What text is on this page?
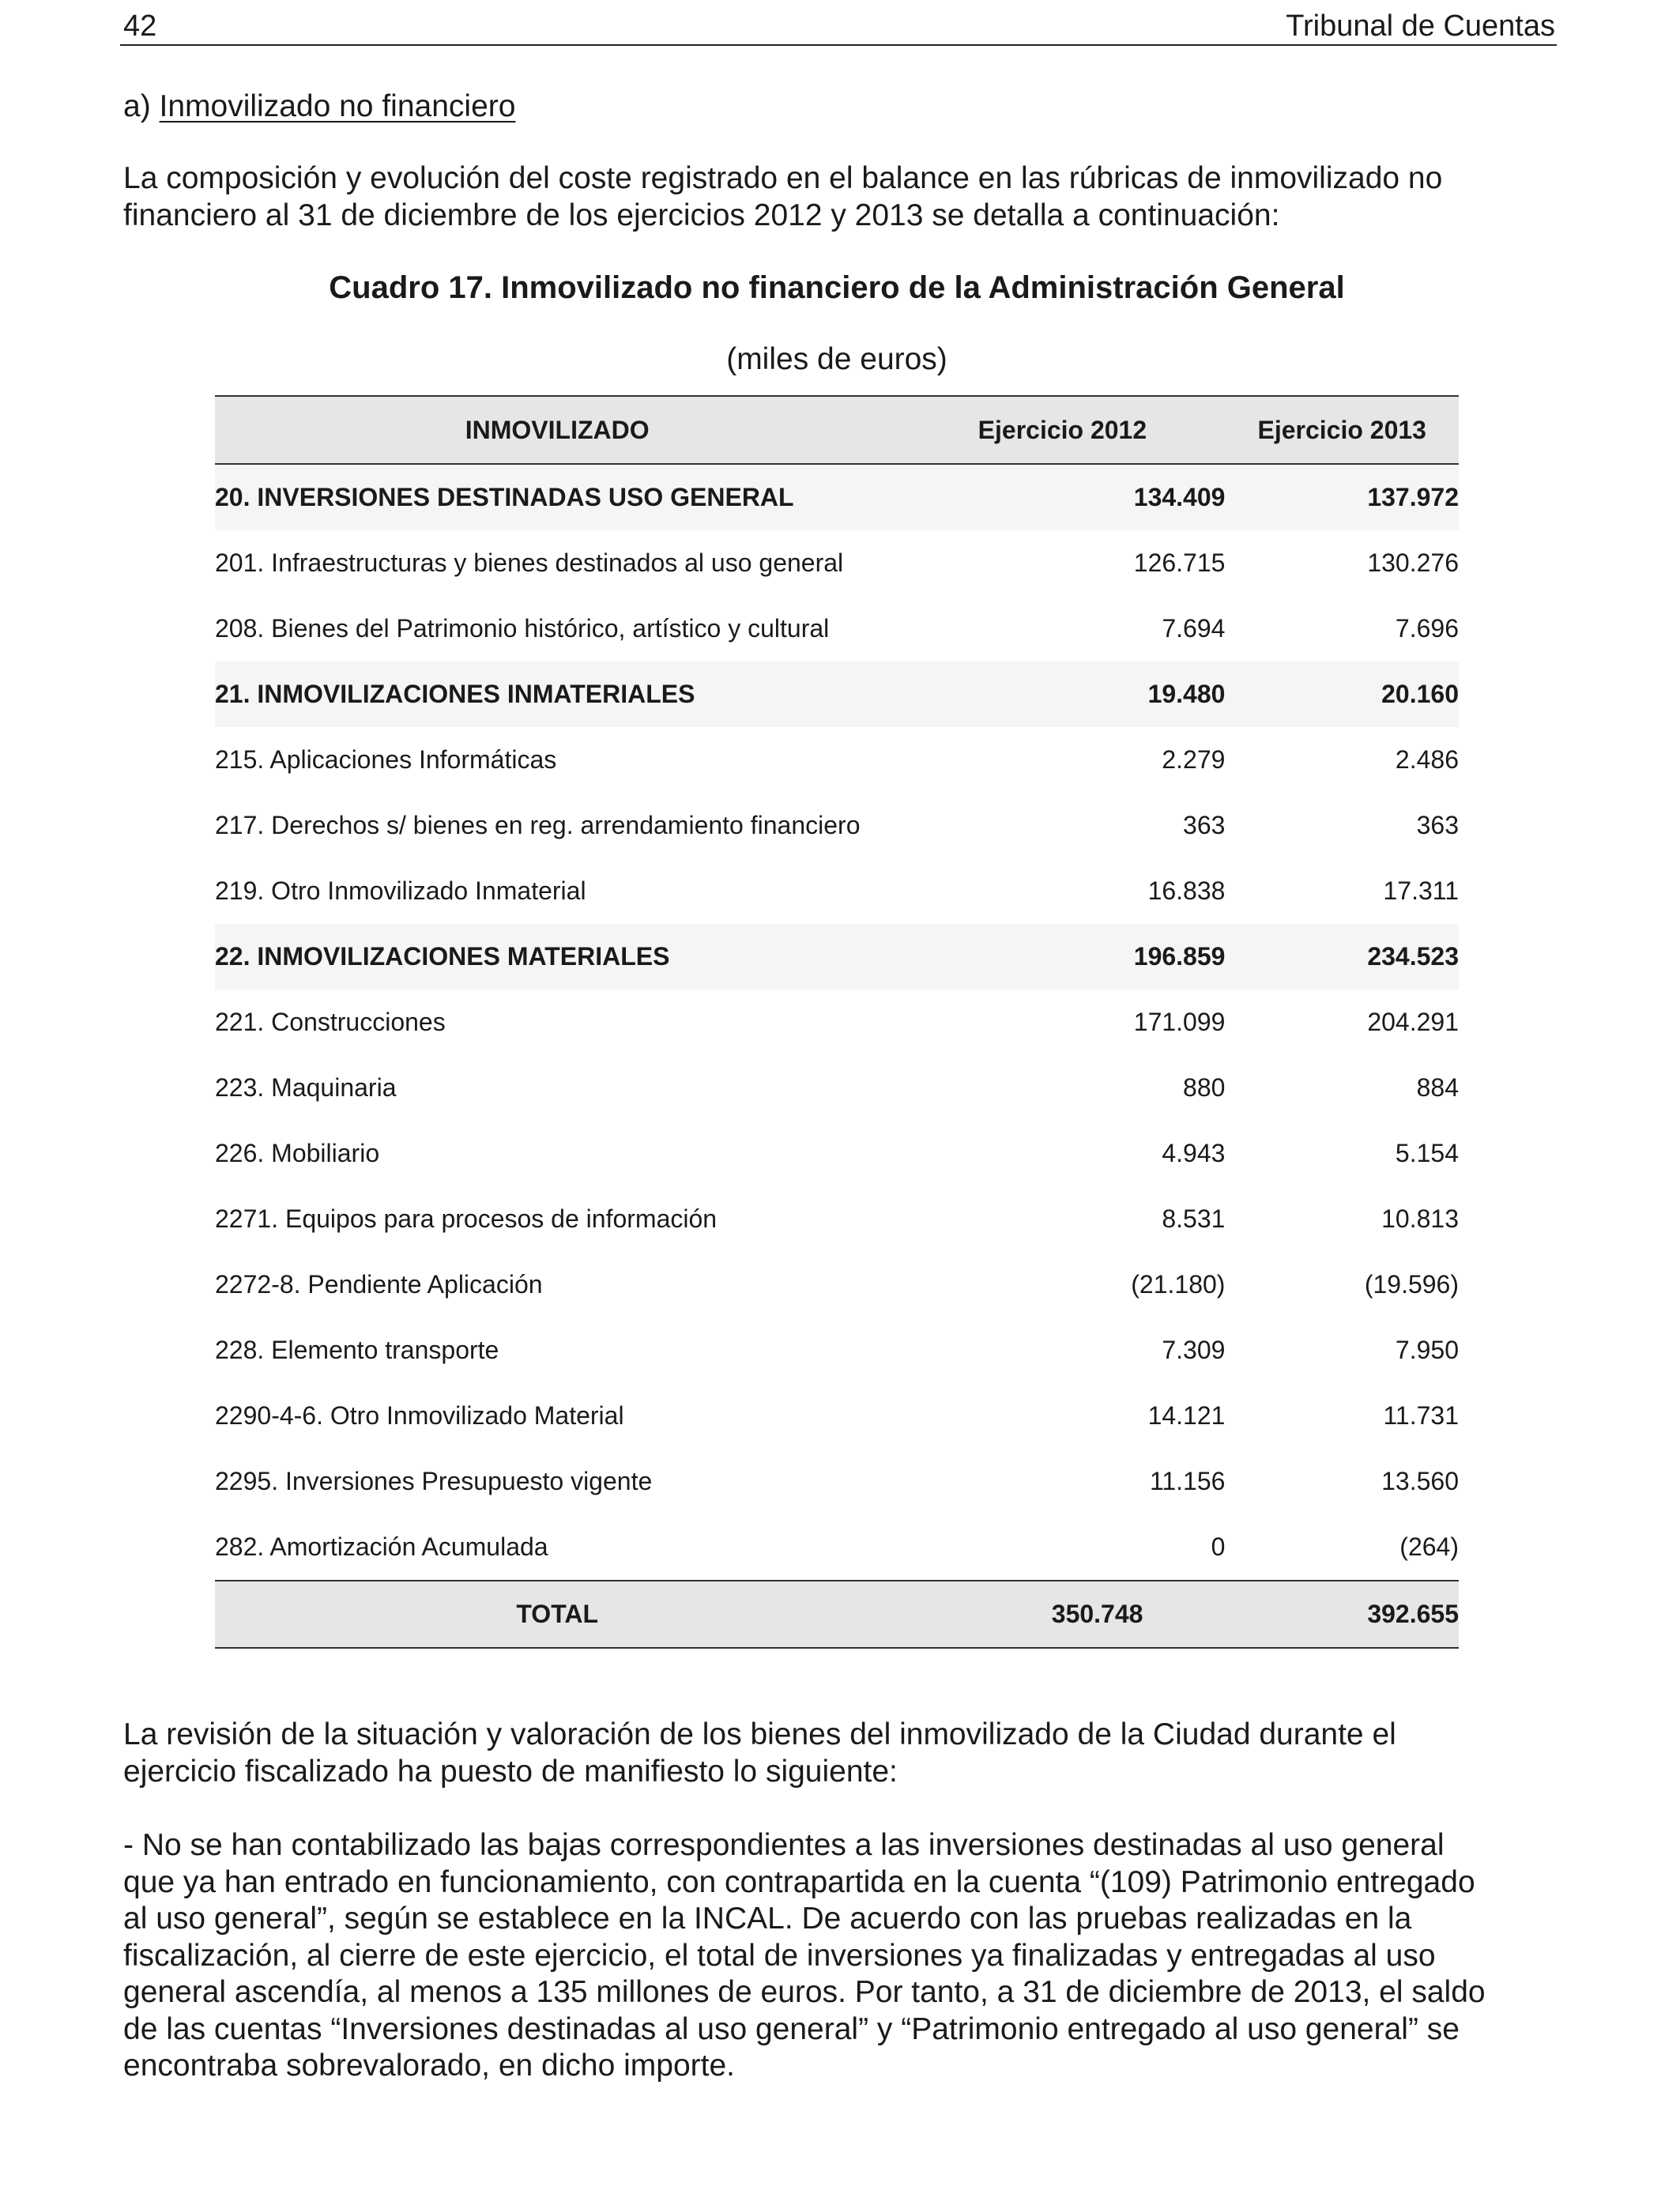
42	Tribunal de Cuentas
a) Inmovilizado no financiero
La composición y evolución del coste registrado en el balance en las rúbricas de inmovilizado no
financiero al 31 de diciembre de los ejercicios 2012 y 2013 se detalla a continuación:
Cuadro 17. Inmovilizado no financiero de la Administración General
(miles de euros)
INMOVILIZADO	Ejercicio 2012	Ejercicio 2013
20. INVERSIONES DESTINADAS USO GENERAL	134.409	137.972
201. Infraestructuras y bienes destinados al uso general	126.715	130.276
208. Bienes del Patrimonio histórico, artístico y cultural	7.694	7.696
21. INMOVILIZACIONES INMATERIALES	19.480	20.160
215. Aplicaciones Informáticas	2.279	2.486
217. Derechos s/ bienes en reg. arrendamiento financiero	363	363
219. Otro Inmovilizado Inmaterial	16.838	17.311
22. INMOVILIZACIONES MATERIALES	196.859	234.523
221. Construcciones	171.099	204.291
223. Maquinaria	880	884
226. Mobiliario	4.943	5.154
2271. Equipos para procesos de información	8.531	10.813
2272-8. Pendiente Aplicación	(21.180)	(19.596)
228. Elemento transporte	7.309	7.950
2290-4-6. Otro Inmovilizado Material	14.121	11.731
2295. Inversiones Presupuesto vigente	11.156	13.560
282. Amortización Acumulada	0	(264)
TOTAL	350.748	392.655
La revisión de la situación y valoración de los bienes del inmovilizado de la Ciudad durante el
ejercicio fiscalizado ha puesto de manifiesto lo siguiente:
- No se han contabilizado las bajas correspondientes a las inversiones destinadas al uso general
que ya han entrado en funcionamiento, con contrapartida en la cuenta “(109) Patrimonio entregado
al uso general”, según se establece en la INCAL. De acuerdo con las pruebas realizadas en la
fiscalización, al cierre de este ejercicio, el total de inversiones ya finalizadas y entregadas al uso
general ascendía, al menos a 135 millones de euros. Por tanto, a 31 de diciembre de 2013, el saldo
de las cuentas “Inversiones destinadas al uso general” y “Patrimonio entregado al uso general” se
encontraba sobrevalorado, en dicho importe.
